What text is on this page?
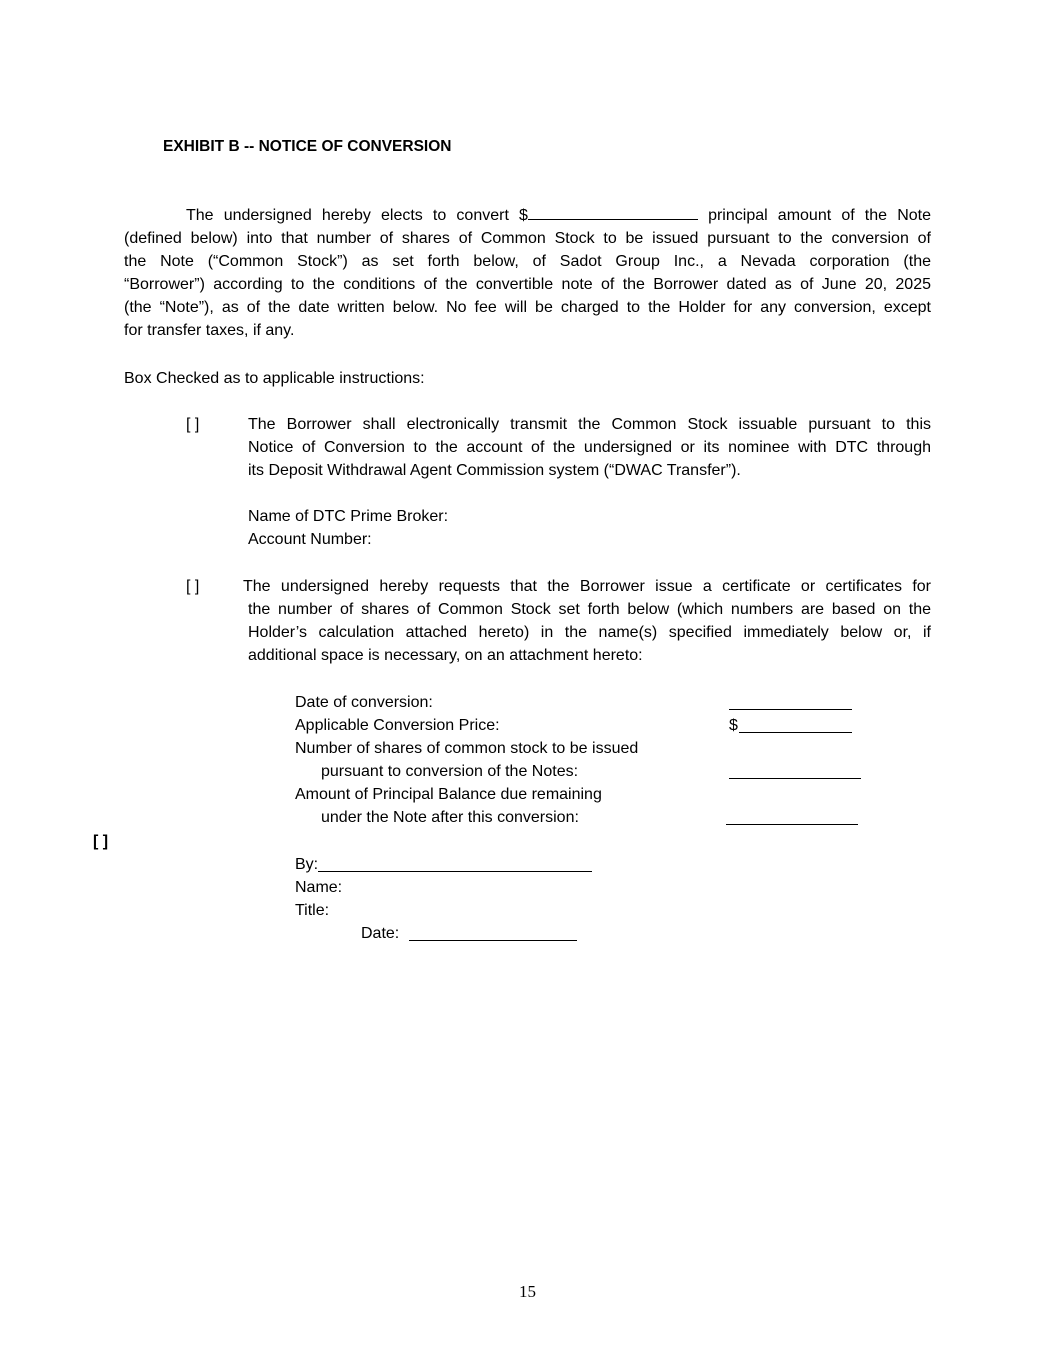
EXHIBIT B -- NOTICE OF CONVERSION
The undersigned hereby elects to convert $	principal amount of the Note
(defined below) into that number of shares of Common Stock to be issued pursuant to the conversion of
the Note (“Common Stock”) as set forth below, of Sadot Group Inc., a Nevada corporation (the
“Borrower”) according to the conditions of the convertible note of the Borrower dated as of June 20, 2025
(the “Note”), as of the date written below. No fee will be charged to the Holder for any conversion, except
for transfer taxes, if any.
Box Checked as to applicable instructions:
[ ]	The Borrower shall electronically transmit the Common Stock issuable pursuant to this
Notice of Conversion to the account of the undersigned or its nominee with DTC through
its Deposit Withdrawal Agent Commission system (“DWAC Transfer”).
Name of DTC Prime Broker:
Account Number:
[ ]	The undersigned hereby requests that the Borrower issue a certificate or certificates for
the number of shares of Common Stock set forth below (which numbers are based on the
Holder’s calculation attached hereto) in the name(s) specified immediately below or, if
additional space is necessary, on an attachment hereto:
Date of conversion:
Applicable Conversion Price:	$
Number of shares of common stock to be issued
pursuant to conversion of the Notes:
Amount of Principal Balance due remaining
under the Note after this conversion:
[ ]
By:
Name:
Title:
Date:
15
